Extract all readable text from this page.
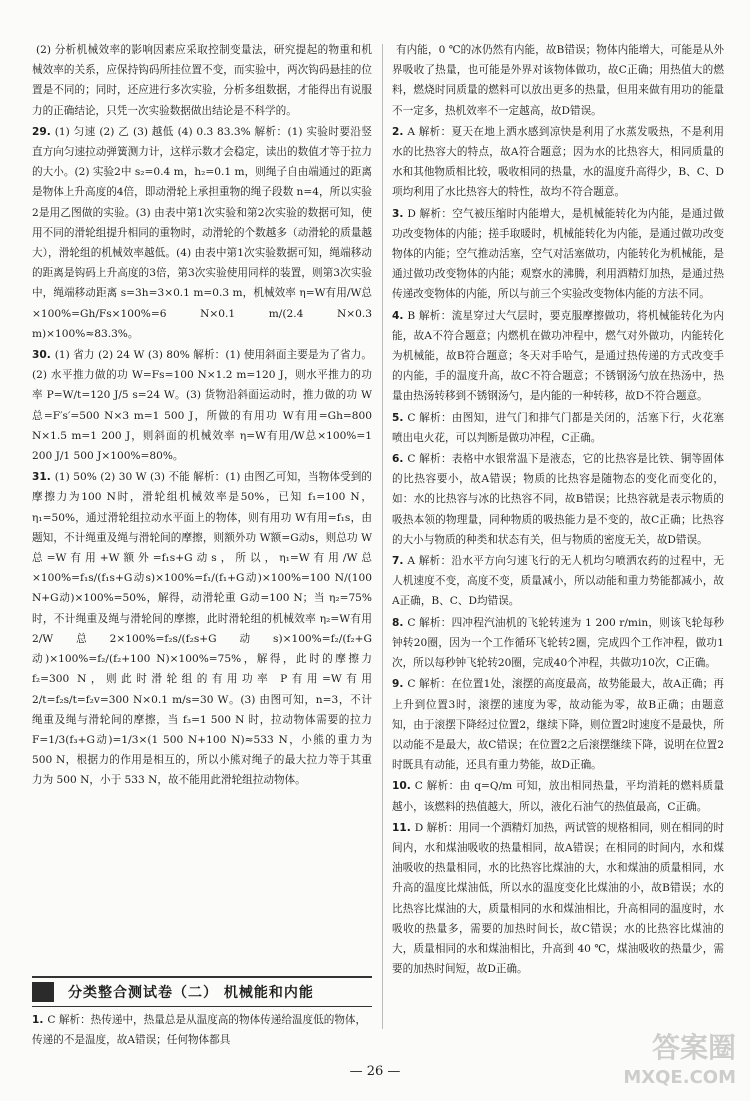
(2) 分析机械效率的影响因素应采取控制变量法，研究提起的物重和机械效率的关系，应保持钩码所挂位置不变，而实验中，两次钩码悬挂的位置是不同的；同时，还应进行多次实验，分析多组数据，才能得出有说服力的正确结论，只凭一次实验数据做出结论是不科学的。

29. (1) 匀速 (2) 乙 (3) 越低 (4) 0.3 83.3% 解析：(1) 实验时要沿竖直方向匀速拉动弹簧测力计，这样示数才会稳定，读出的数值才等于拉力的大小。(2) 实验2中 s₂=0.4 m，h₂=0.1 m，则绳子自由端通过的距离是物体上升高度的4倍，即动滑轮上承担重物的绳子段数 n=4，所以实验2是用乙图做的实验。(3) 由表中第1次实验和第2次实验的数据可知，使用不同的滑轮组提升相同的重物时，动滑轮的个数越多（动滑轮的质量越大），滑轮组的机械效率越低。(4) 由表中第1次实验数据可知，绳端移动的距离是钩码上升高度的3倍，第3次实验使用同样的装置，则第3次实验中，绳端移动距离 s=3h=3×0.1 m=0.3 m，机械效率 η=W有用/W总×100%=Gh/Fs×100%=6 N×0.1 m/(2.4 N×0.3 m)×100%≈83.3%。

30. (1) 省力 (2) 24 W (3) 80% 解析：(1) 使用斜面主要是为了省力。(2) 水平推力做的功 W=Fs=100 N×1.2 m=120 J，则水平推力的功率 P=W/t=120 J/5 s=24 W。(3) 货物沿斜面运动时，推力做的功 W总=F′s′=500 N×3 m=1 500 J，所做的有用功 W有用=Gh=800 N×1.5 m=1 200 J，则斜面的机械效率 η=W有用/W总×100%=1 200 J/1 500 J×100%=80%。

31. (1) 50% (2) 30 W (3) 不能 解析：(1) 由图乙可知，当物体受到的摩擦力为100 N时，滑轮组机械效率是50%，已知 f₁=100 N，η₁=50%，通过滑轮组拉动水平面上的物体，则有用功 W有用=f₁s，由题知，不计绳重及绳与滑轮间的摩擦，则额外功 W额=G动s，则总功 W总=W有用+W额外=f₁s+G动s，所以，η₁=W有用/W总×100%=f₁s/(f₁s+G动s)×100%=f₁/(f₁+G动)×100%=100 N/(100 N+G动)×100%=50%，解得，动滑轮重 G动=100 N；当 η₂=75% 时，不计绳重及绳与滑轮间的摩擦，此时滑轮组的机械效率 η₂=W有用2/W总2×100%=f₂s/(f₂s+G动s)×100%=f₂/(f₂+G动)×100%=f₂/(f₂+100 N)×100%=75%，解得，此时的摩擦力 f₂=300 N，则此时滑轮组的有用功率 P有用=W有用2/t=f₂s/t=f₂v=300 N×0.1 m/s=30 W。(3) 由图可知，n=3，不计绳重及绳与滑轮间的摩擦，当 f₃=1 500 N 时，拉动物体需要的拉力 F=1/3(f₃+G动)=1/3×(1 500 N+100 N)≈533 N，小熊的重力为 500 N，根据力的作用是相互的，所以小熊对绳子的最大拉力等于其重力为 500 N，小于 533 N，故不能用此滑轮组拉动物体。

有内能，0 ℃的冰仍然有内能，故B错误；物体内能增大，可能是从外界吸收了热量，也可能是外界对该物体做功，故C正确；用热值大的燃料，燃烧时同质量的燃料可以放出更多的热量，但用来做有用功的能量不一定多，热机效率不一定越高，故D错误。

2. A 解析：夏天在地上洒水感到凉快是利用了水蒸发吸热，不是利用水的比热容大的特点，故A符合题意；因为水的比热容大，相同质量的水和其他物质相比较，吸收相同的热量，水的温度升高得少，B、C、D项均利用了水比热容大的特性，故均不符合题意。

3. D 解析：空气被压缩时内能增大，是机械能转化为内能，是通过做功改变物体的内能；搓手取暖时，机械能转化为内能，是通过做功改变物体的内能；空气推动活塞，空气对活塞做功，内能转化为机械能，是通过做功改变物体的内能；观察水的沸腾，利用酒精灯加热，是通过热传递改变物体的内能，所以与前三个实验改变物体内能的方法不同。

4. B 解析：流星穿过大气层时，要克服摩擦做功，将机械能转化为内能，故A不符合题意；内燃机在做功冲程中，燃气对外做功，内能转化为机械能，故B符合题意；冬天对手哈气，是通过热传递的方式改变手的内能，手的温度升高，故C不符合题意；不锈钢汤勺放在热汤中，热量由热汤转移到不锈钢汤勺，是内能的一种转移，故D不符合题意。

5. C 解析：由图知，进气门和排气门都是关闭的，活塞下行，火花塞喷出电火花，可以判断是做功冲程，C正确。

6. C 解析：表格中水银常温下是液态，它的比热容是比铁、铜等固体的比热容要小，故A错误；物质的比热容是随物态的变化而变化的，如：水的比热容与冰的比热容不同，故B错误；比热容就是表示物质的吸热本领的物理量，同种物质的吸热能力是不变的，故C正确；比热容的大小与物质的种类和状态有关，但与物质的密度无关，故D错误。

7. A 解析：沿水平方向匀速飞行的无人机均匀喷洒农药的过程中，无人机速度不变，高度不变，质量减小，所以动能和重力势能都减小，故A正确，B、C、D均错误。

8. C 解析：四冲程汽油机的飞轮转速为 1 200 r/min，则该飞轮每秒钟转20圈，因为一个工作循环飞轮转2圈，完成四个工作冲程，做功1次，所以每秒钟飞轮转20圈，完成40个冲程，共做功10次，C正确。

9. C 解析：在位置1处，滚摆的高度最高，故势能最大，故A正确；再上升到位置3时，滚摆的速度为零，故动能为零，故B正确；由题意知，由于滚摆下降经过位置2，继续下降，则位置2时速度不是最快，所以动能不是最大，故C错误；在位置2之后滚摆继续下降，说明在位置2时既具有动能，还具有重力势能，故D正确。

10. C 解析：由 q=Q/m 可知，放出相同热量，平均消耗的燃料质量越小，该燃料的热值越大，所以，液化石油气的热值最高，C正确。

11. D 解析：用同一个酒精灯加热，两试管的规格相同，则在相同的时间内，水和煤油吸收的热量相同，故A错误；在相同的时间内，水和煤油吸收的热量相同，水的比热容比煤油的大，水和煤油的质量相同，水升高的温度比煤油低，所以水的温度变化比煤油的小，故B错误；水的比热容比煤油的大，质量相同的水和煤油相比，升高相同的温度时，水吸收的热量多，需要的加热时间长，故C错误；水的比热容比煤油的大，质量相同的水和煤油相比，升高到 40 ℃，煤油吸收的热量少，需要的加热时间短，故D正确。

分类整合测试卷（二） 机械能和内能
1. C 解析：热传递中，热量总是从温度高的物体传递给温度低的物体，传递的不是温度，故A错误；任何物体都具
— 26 —
答案圈
MXQE.COM
